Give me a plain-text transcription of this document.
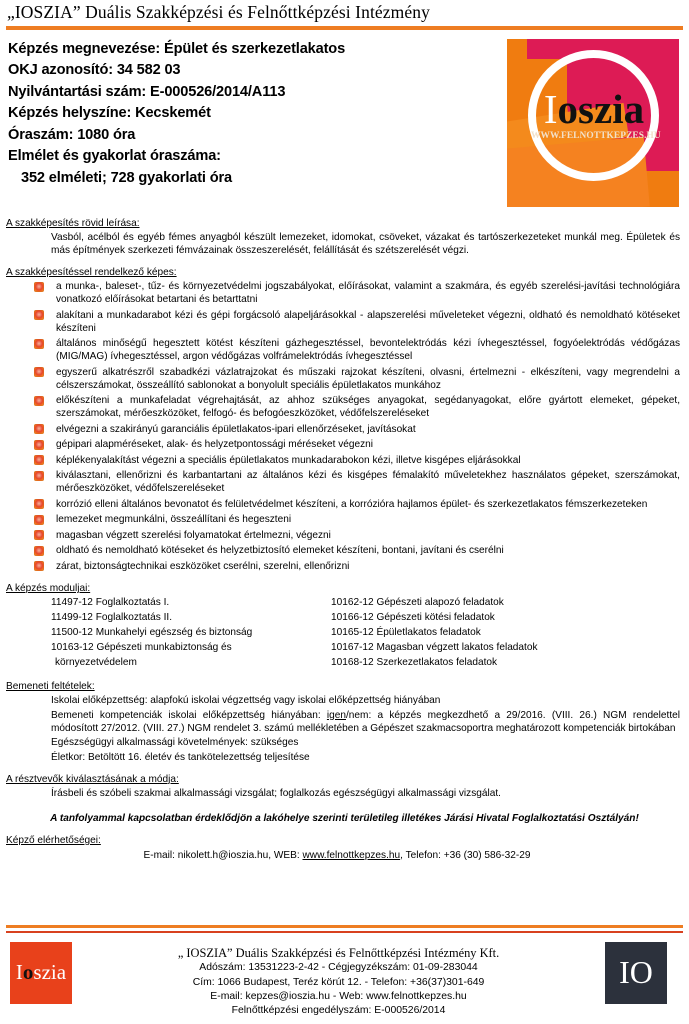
„IOSZIA” Duális Szakképzési és Felnőttképzési Intézmény
Képzés megnevezése: Épület és szerkezetlakatos
OKJ azonosító: 34 582 03
Nyilvántartási szám: E-000526/2014/A113
Képzés helyszíne: Kecskemét
Óraszám: 1080 óra
Elmélet és gyakorlat óraszáma:
352 elméleti; 728 gyakorlati óra
Ioszia
WWW.FELNOTTKEPZES.HU
A szakképesítés rövid leírása:
Vasból, acélból és egyéb fémes anyagból készült lemezeket, idomokat, csöveket, vázakat és tartószerkezeteket munkál meg. Épületek és más építmények szerkezeti fémvázainak összeszerelését, felállítását és szétszerelését végzi.
A szakképesítéssel rendelkező képes:
a munka-, baleset-, tűz- és környezetvédelmi jogszabályokat, előírásokat, valamint a szakmára, és egyéb szerelési-javítási technológiára vonatkozó előírásokat betartani és betarttatni
alakítani a munkadarabot kézi és gépi forgácsoló alapeljárásokkal - alapszerelési műveleteket végezni, oldható és nemoldható kötéseket készíteni
általános minőségű hegesztett kötést készíteni gázhegesztéssel, bevontelektródás kézi ívhegesztéssel, fogyóelektródás védőgázas (MIG/MAG) ívhegesztéssel, argon védőgázas volfrámelektródás ívhegesztéssel
egyszerű alkatrészről szabadkézi vázlatrajzokat és műszaki rajzokat készíteni, olvasni, értelmezni - elkészíteni, vagy megrendelni a célszerszámokat, összeállító sablonokat a bonyolult speciális épületlakatos munkához
előkészíteni a munkafeladat végrehajtását, az ahhoz szükséges anyagokat, segédanyagokat, előre gyártott elemeket, gépeket, szerszámokat, mérőeszközöket, felfogó- és befogóeszközöket, védőfelszereléseket
elvégezni a szakirányú garanciális épületlakatos-ipari ellenőrzéseket, javításokat
gépipari alapméréseket, alak- és helyzetpontossági méréseket végezni
képlékenyalakítást végezni a speciális épületlakatos munkadarabokon kézi, illetve kisgépes eljárásokkal
kiválasztani, ellenőrizni és karbantartani az általános kézi és kisgépes fémalakító műveletekhez használatos gépeket, szerszámokat, mérőeszközöket, védőfelszereléseket
korrózió elleni általános bevonatot és felületvédelmet készíteni, a korrózióra hajlamos épület- és szerkezetlakatos fémszerkezeteken
lemezeket megmunkálni, összeállítani és hegeszteni
magasban végzett szerelési folyamatokat értelmezni, végezni
oldható és nemoldható kötéseket és helyzetbiztosító elemeket készíteni, bontani, javítani és cserélni
zárat, biztonságtechnikai eszközöket cserélni, szerelni, ellenőrizni
A képzés moduljai:
11497-12 Foglalkoztatás I.
11499-12 Foglalkoztatás II.
11500-12 Munkahelyi egészség és biztonság
10163-12 Gépészeti munkabiztonság és
környezetvédelem
10162-12 Gépészeti alapozó feladatok
10166-12 Gépészeti kötési feladatok
10165-12 Épületlakatos feladatok
10167-12 Magasban végzett lakatos feladatok
10168-12 Szerkezetlakatos feladatok
Bemeneti feltételek:
Iskolai előképzettség: alapfokú iskolai végzettség vagy iskolai előképzettség hiányában
Bemeneti kompetenciák iskolai előképzettség hiányában: igen/nem: a képzés megkezdhető a 29/2016. (VIII. 26.) NGM rendelettel módosított 27/2012. (VIII. 27.) NGM rendelet 3. számú mellékletében a Gépészet szakmacsoportra meghatározott kompetenciák birtokában
Egészségügyi alkalmassági követelmények: szükséges
Életkor: Betöltött 16. életév és tankötelezettség teljesítése
A résztvevők kiválasztásának a módja:
Írásbeli és szóbeli szakmai alkalmassági vizsgálat; foglalkozás egészségügyi alkalmassági vizsgálat.
A tanfolyammal kapcsolatban érdeklődjön a lakóhelye szerinti területileg illetékes Járási Hivatal Foglalkoztatási Osztályán!
Képző elérhetőségei:
E-mail: nikolett.h@ioszia.hu, WEB: www.felnottkepzes.hu, Telefon: +36 (30) 586-32-29
I o szia
„ IOSZIA” Duális Szakképzési és Felnőttképzési Intézmény Kft.
Adószám: 13531223-2-42 - Cégjegyzékszám: 01-09-283044
Cím: 1066 Budapest, Teréz körút 12. - Telefon: +36(37)301-649
E-mail: kepzes@ioszia.hu - Web: www.felnottkepzes.hu
Felnőttképzési engedélyszám: E-000526/2014
IO
